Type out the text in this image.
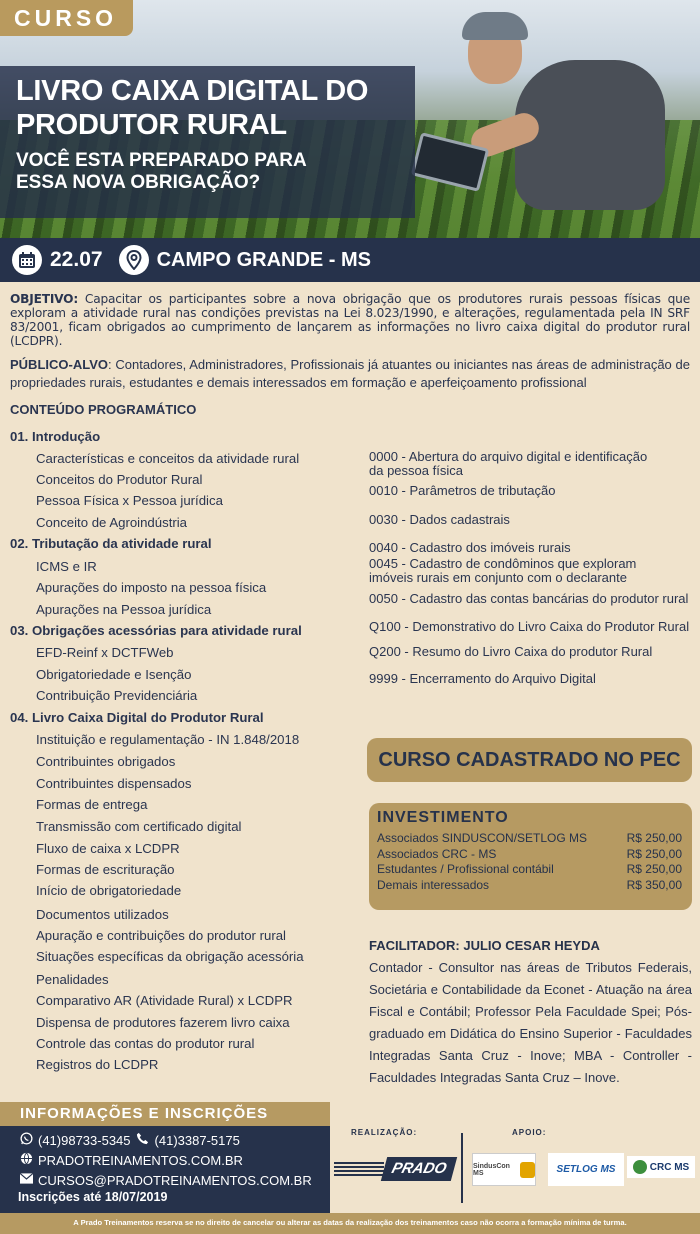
CURSO
LIVRO CAIXA DIGITAL DO
PRODUTOR RURAL
VOCÊ ESTA PREPARADO PARA
ESSA NOVA OBRIGAÇÃO?
22.07	CAMPO GRANDE - MS

OBJETIVO: Capacitar os participantes sobre a nova obrigação que os produtores rurais pessoas físicas que exploram a atividade rural nas condições previstas na Lei 8.023/1990, e alterações, regulamentada pela IN SRF 83/2001, ficam obrigados ao cumprimento de lançarem as informações no livro caixa digital do produtor rural (LCDPR).

PÚBLICO-ALVO: Contadores, Administradores, Profissionais já atuantes ou iniciantes nas áreas de administração de propriedades rurais, estudantes e demais interessados em formação e aperfeiçoamento profissional

CONTEÚDO PROGRAMÁTICO
01. Introdução
Características e conceitos da atividade rural
Conceitos do Produtor Rural
Pessoa Física x Pessoa jurídica
Conceito de Agroindústria
02. Tributação da atividade rural
ICMS e IR
Apurações do imposto na pessoa física
Apurações na Pessoa jurídica
03. Obrigações acessórias para atividade rural
EFD-Reinf x DCTFWeb
Obrigatoriedade e Isenção
Contribuição Previdenciária
04. Livro Caixa Digital do Produtor Rural
Instituição e regulamentação - IN 1.848/2018
Contribuintes obrigados
Contribuintes dispensados
Formas de entrega
Transmissão com certificado digital
Fluxo de caixa x LCDPR
Formas de escrituração
Início de obrigatoriedade
Documentos utilizados
Apuração e contribuições do produtor rural
Situações específicas da obrigação acessória
Penalidades
Comparativo AR (Atividade Rural) x LCDPR
Dispensa de produtores fazerem livro caixa
Controle das contas do produtor rural
Registros do LCDPR
0000 - Abertura do arquivo digital e identificação
da pessoa física
0010 - Parâmetros de tributação
0030 - Dados cadastrais
0040 - Cadastro dos imóveis rurais
0045 - Cadastro de condôminos que exploram
imóveis rurais em conjunto com o declarante
0050 - Cadastro das contas bancárias do produtor rural
Q100 - Demonstrativo do Livro Caixa do Produtor Rural
Q200 - Resumo do Livro Caixa do produtor Rural
9999 - Encerramento do Arquivo Digital
CURSO CADASTRADO NO PEC
INVESTIMENTO
Associados SINDUSCON/SETLOG MS	R$ 250,00
Associados CRC - MS	R$ 250,00
Estudantes / Profissional contábil	R$ 250,00
Demais interessados	R$ 350,00
FACILITADOR: JULIO CESAR HEYDA

Contador - Consultor nas áreas de Tributos Federais, Societária e Contabilidade da Econet - Atuação na área Fiscal e Contábil; Professor Pela Faculdade Spei; Pós-graduado em Didática do Ensino Superior - Faculdades Integradas Santa Cruz - Inove; MBA - Controller - Faculdades Integradas Santa Cruz – Inove.

INFORMAÇÕES E INSCRIÇÕES
(41)98733-5345 (41)3387-5175
PRADOTREINAMENTOS.COM.BR
CURSOS@PRADOTREINAMENTOS.COM.BR
Inscrições até 18/07/2019
REALIZAÇÃO:
PRADO
APOIO:
SindusCon MS	SETLOG MS	CRC MS
A Prado Treinamentos reserva se no direito de cancelar ou alterar as datas da realização dos treinamentos caso não ocorra a formação mínima de turma.
